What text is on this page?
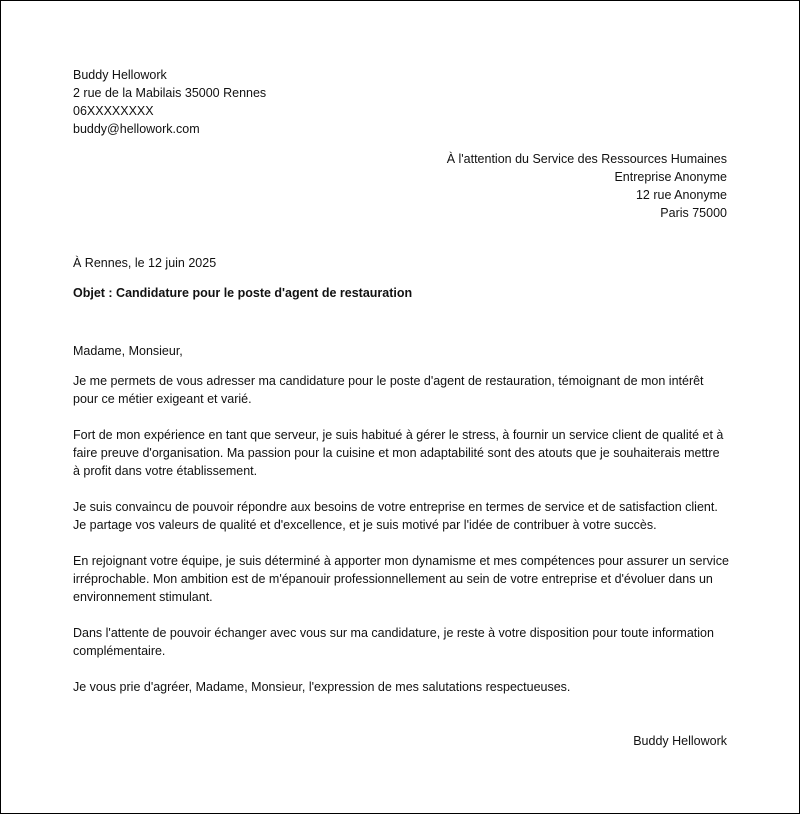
Buddy Hellowork
2 rue de la Mabilais 35000 Rennes
06XXXXXXXX
buddy@hellowork.com
À l'attention du Service des Ressources Humaines
Entreprise Anonyme
12 rue Anonyme
Paris 75000
À Rennes, le 12 juin 2025
Objet : Candidature pour le poste d'agent de restauration
Madame, Monsieur,

Je me permets de vous adresser ma candidature pour le poste d'agent de restauration, témoignant de mon intérêt pour ce métier exigeant et varié.

Fort de mon expérience en tant que serveur, je suis habitué à gérer le stress, à fournir un service client de qualité et à faire preuve d'organisation. Ma passion pour la cuisine et mon adaptabilité sont des atouts que je souhaiterais mettre à profit dans votre établissement.

Je suis convaincu de pouvoir répondre aux besoins de votre entreprise en termes de service et de satisfaction client. Je partage vos valeurs de qualité et d'excellence, et je suis motivé par l'idée de contribuer à votre succès.

En rejoignant votre équipe, je suis déterminé à apporter mon dynamisme et mes compétences pour assurer un service irréprochable. Mon ambition est de m'épanouir professionnellement au sein de votre entreprise et d'évoluer dans un environnement stimulant.

Dans l'attente de pouvoir échanger avec vous sur ma candidature, je reste à votre disposition pour toute information complémentaire.

Je vous prie d'agréer, Madame, Monsieur, l'expression de mes salutations respectueuses.
Buddy Hellowork
